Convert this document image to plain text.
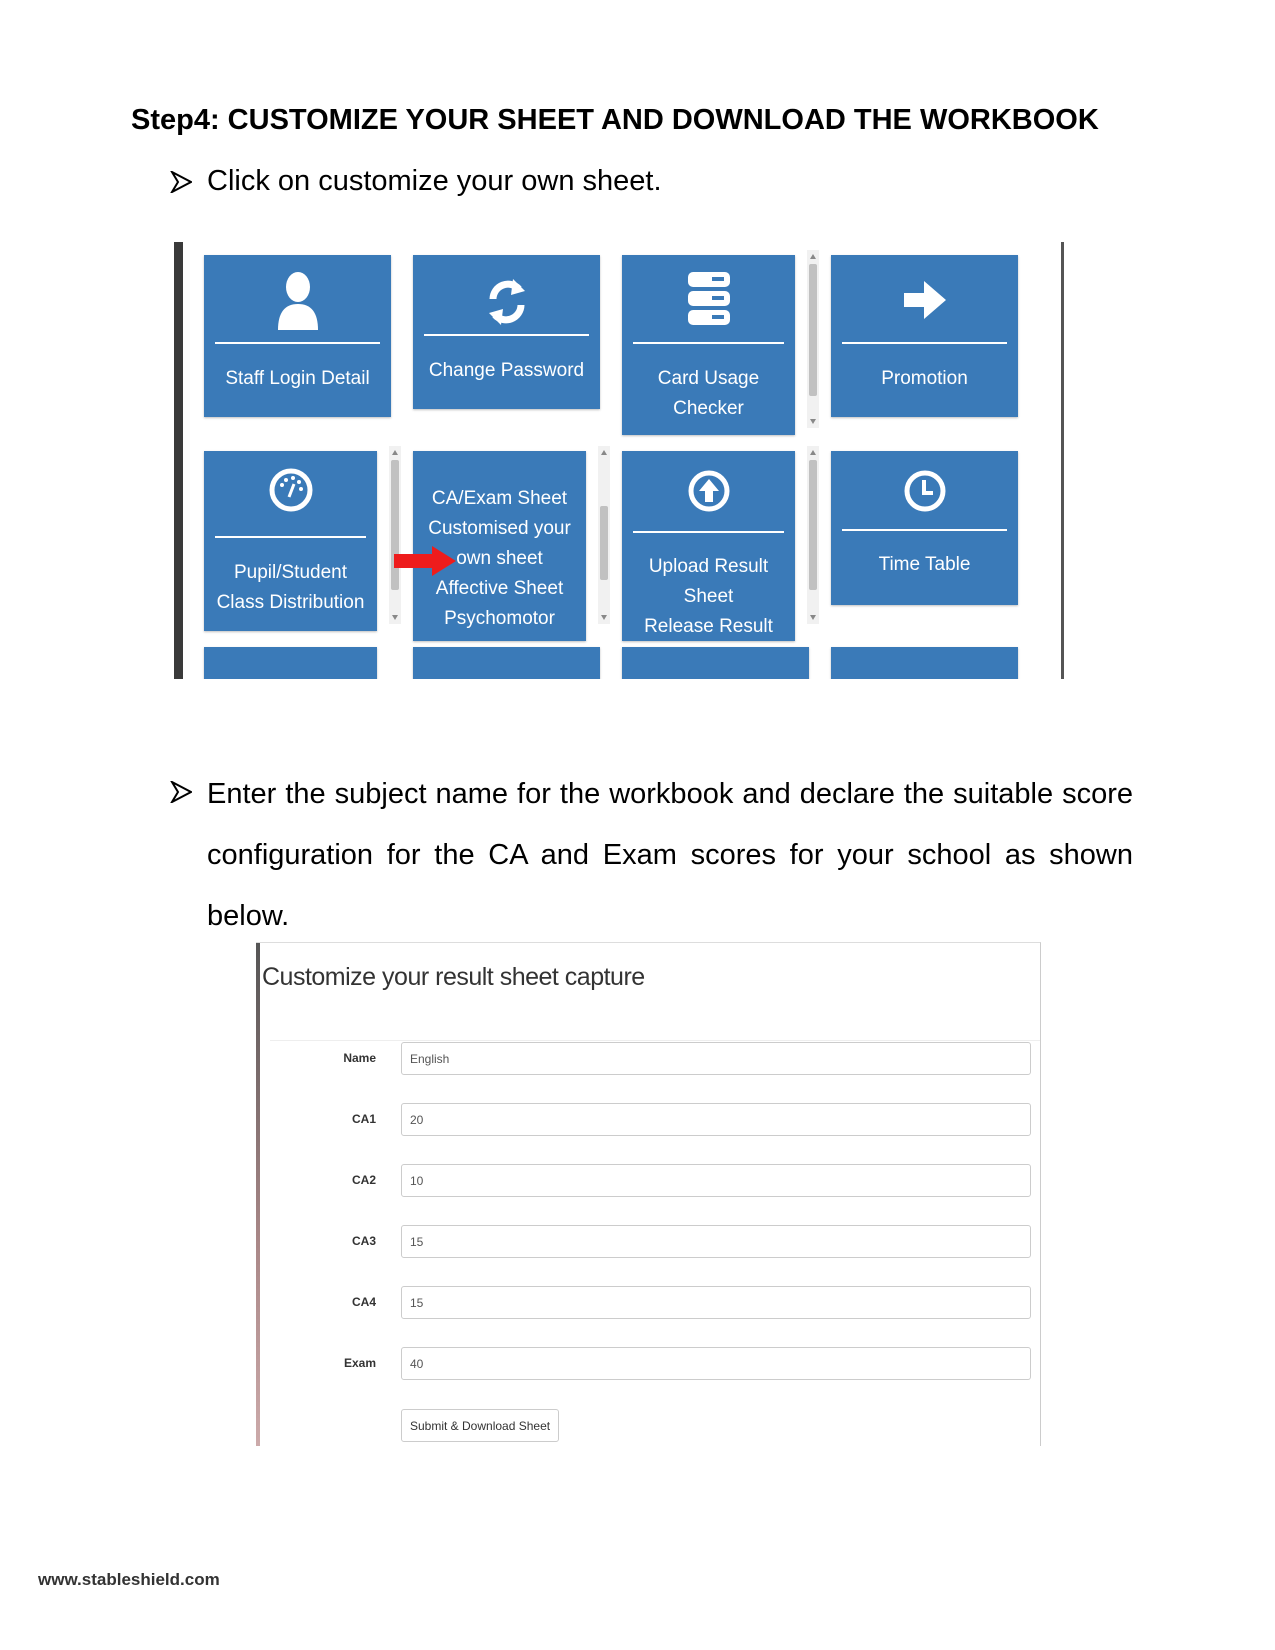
Step4: CUSTOMIZE YOUR SHEET AND DOWNLOAD THE WORKBOOK
Click on customize your own sheet.
Staff Login Detail	Change Password	Card Usage
Checker
Promotion
Pupil/Student
Class Distribution
CA/Exam Sheet
Customised your
own sheet
Affective Sheet
Psychomotor
Upload Result
Sheet
Release Result
Time Table
Enter the subject name for the workbook and declare the suitable score configuration for the CA and Exam scores for your school as shown below.
Customize your result sheet capture
Name
English
CA1
20
CA2
10
CA3
15
CA4
15
Exam
40
Submit & Download Sheet
www.stableshield.com
